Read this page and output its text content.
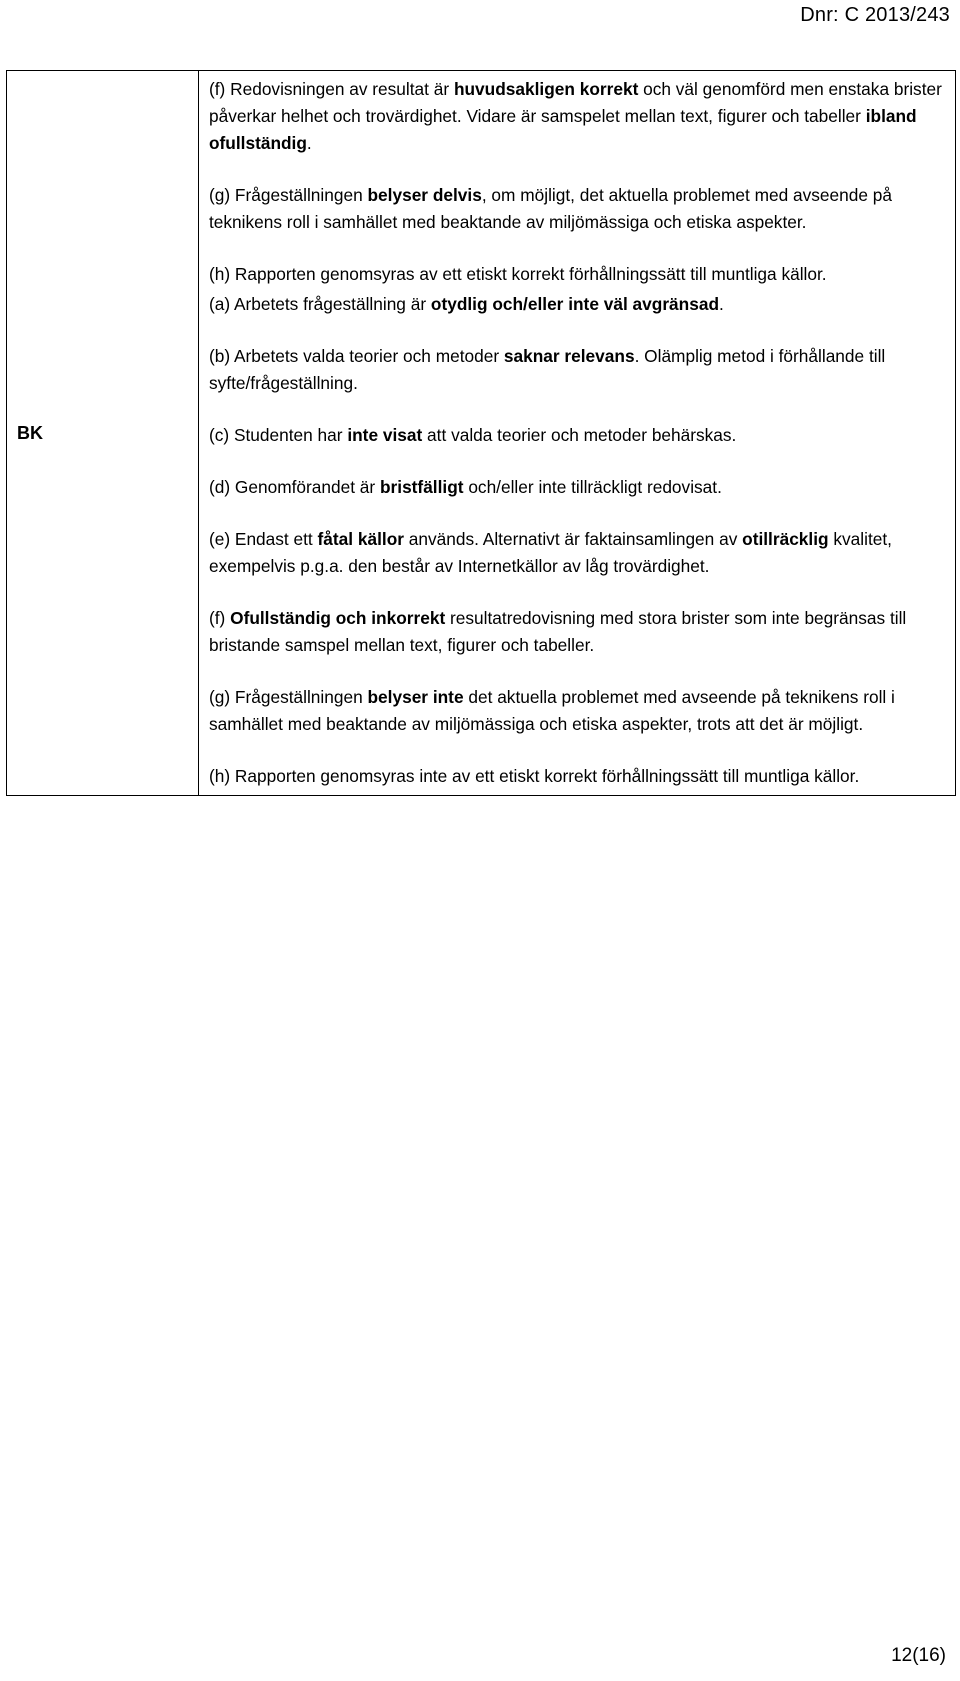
Dnr: C 2013/243
BK	

(f) Redovisningen av resultat är huvudsakligen korrekt och väl genomförd men enstaka brister påverkar helhet och trovärdighet. Vidare är samspelet mellan text, figurer och tabeller ibland ofullständig.

(g) Frågeställningen belyser delvis, om möjligt, det aktuella problemet med avseende på teknikens roll i samhället med beaktande av miljömässiga och etiska aspekter.

(h) Rapporten genomsyras av ett etiskt korrekt förhållningssätt till muntliga källor.

(a) Arbetets frågeställning är otydlig och/eller inte väl avgränsad.

(b) Arbetets valda teorier och metoder saknar relevans. Olämplig metod i förhållande till syfte/frågeställning.

(c) Studenten har inte visat att valda teorier och metoder behärskas.

(d) Genomförandet är bristfälligt och/eller inte tillräckligt redovisat.

(e) Endast ett fåtal källor används. Alternativt är faktainsamlingen av otillräcklig kvalitet, exempelvis p.g.a. den består av Internetkällor av låg trovärdighet.

(f) Ofullständig och inkorrekt resultatredovisning med stora brister som inte begränsas till bristande samspel mellan text, figurer och tabeller.

(g) Frågeställningen belyser inte det aktuella problemet med avseende på teknikens roll i samhället med beaktande av miljömässiga och etiska aspekter, trots att det är möjligt.

(h) Rapporten genomsyras inte av ett etiskt korrekt förhållningssätt till muntliga källor.

12(16)
